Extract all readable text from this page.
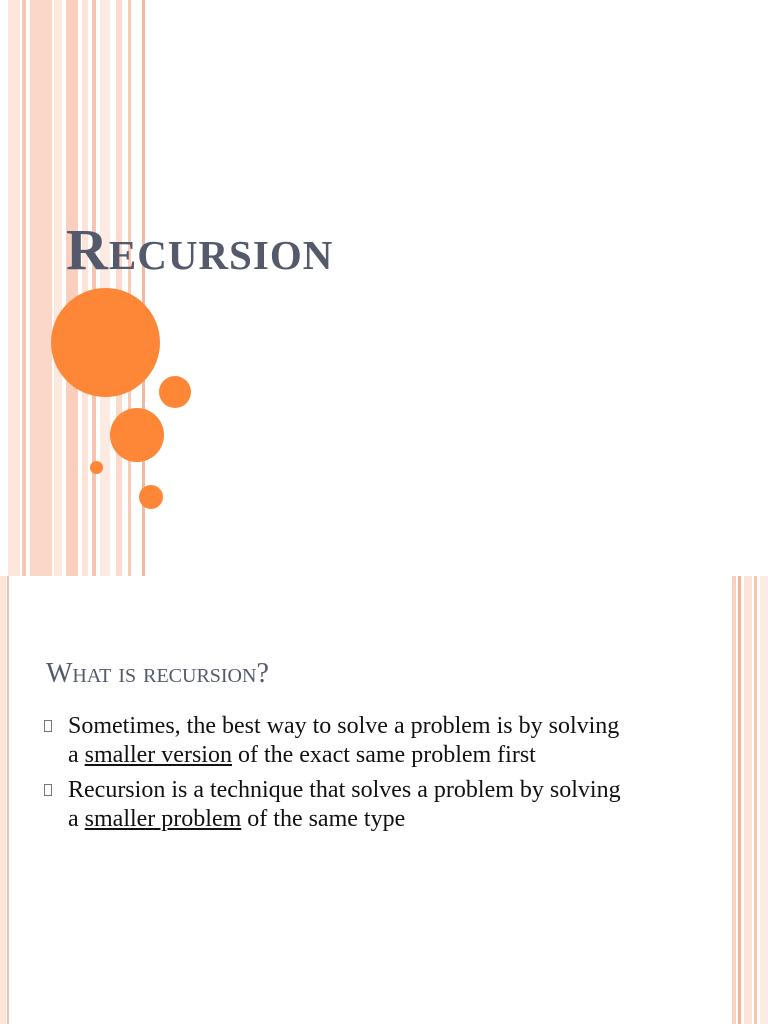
Recursion
What is recursion?
Sometimes, the best way to solve a problem is by solving
a smaller version of the exact same problem first
Recursion is a technique that solves a problem by solving
a smaller problem of the same type
